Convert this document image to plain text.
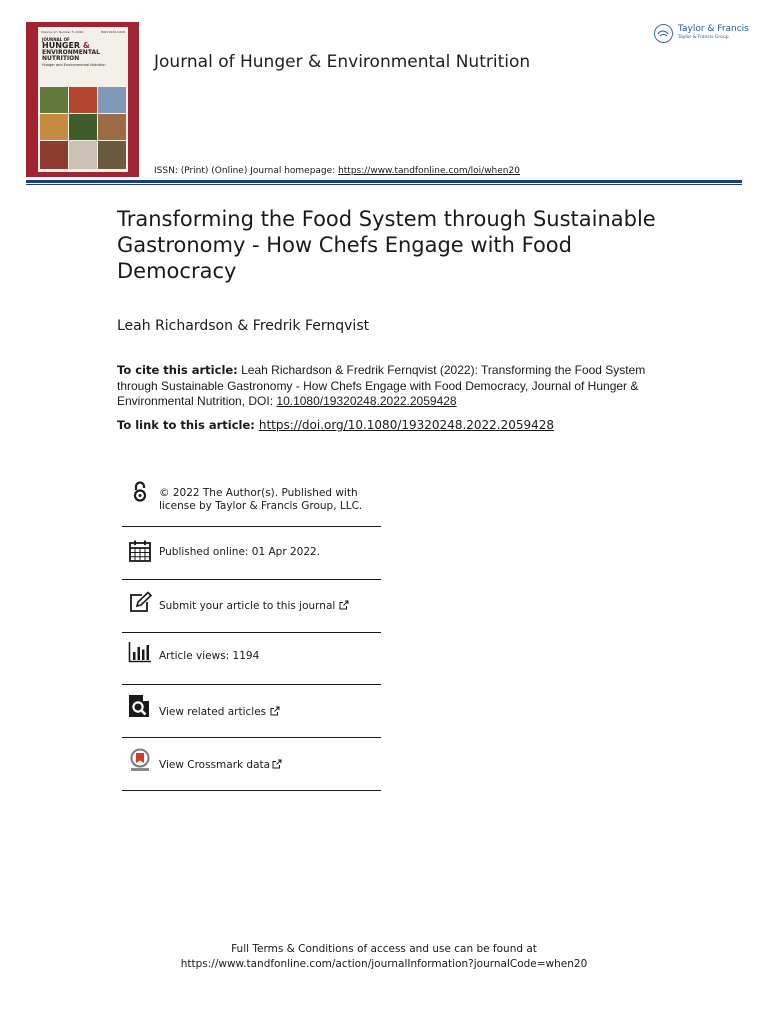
Volume 17, Number 5, 2022	ISSN 1932-0248
JOURNAL OF
HUNGER &
ENVIRONMENTAL NUTRITION
Hunger and Environmental Nutrition	Journal of Hunger & Environmental Nutrition
Taylor & Francis
Taylor & Francis Group
ISSN: (Print) (Online) Journal homepage: https://www.tandfonline.com/loi/when20
Transforming the Food System through Sustainable Gastronomy - How Chefs Engage with Food Democracy
Leah Richardson & Fredrik Fernqvist
To cite this article: Leah Richardson & Fredrik Fernqvist (2022): Transforming the Food System through Sustainable Gastronomy - How Chefs Engage with Food Democracy, Journal of Hunger & Environmental Nutrition, DOI: 10.1080/19320248.2022.2059428
To link to this article: https://doi.org/10.1080/19320248.2022.2059428
© 2022 The Author(s). Published with
license by Taylor & Francis Group, LLC.
Published online: 01 Apr 2022.
Submit your article to this journal
Article views: 1194
View related articles
View Crossmark data
Full Terms & Conditions of access and use can be found at
https://www.tandfonline.com/action/journalInformation?journalCode=when20
